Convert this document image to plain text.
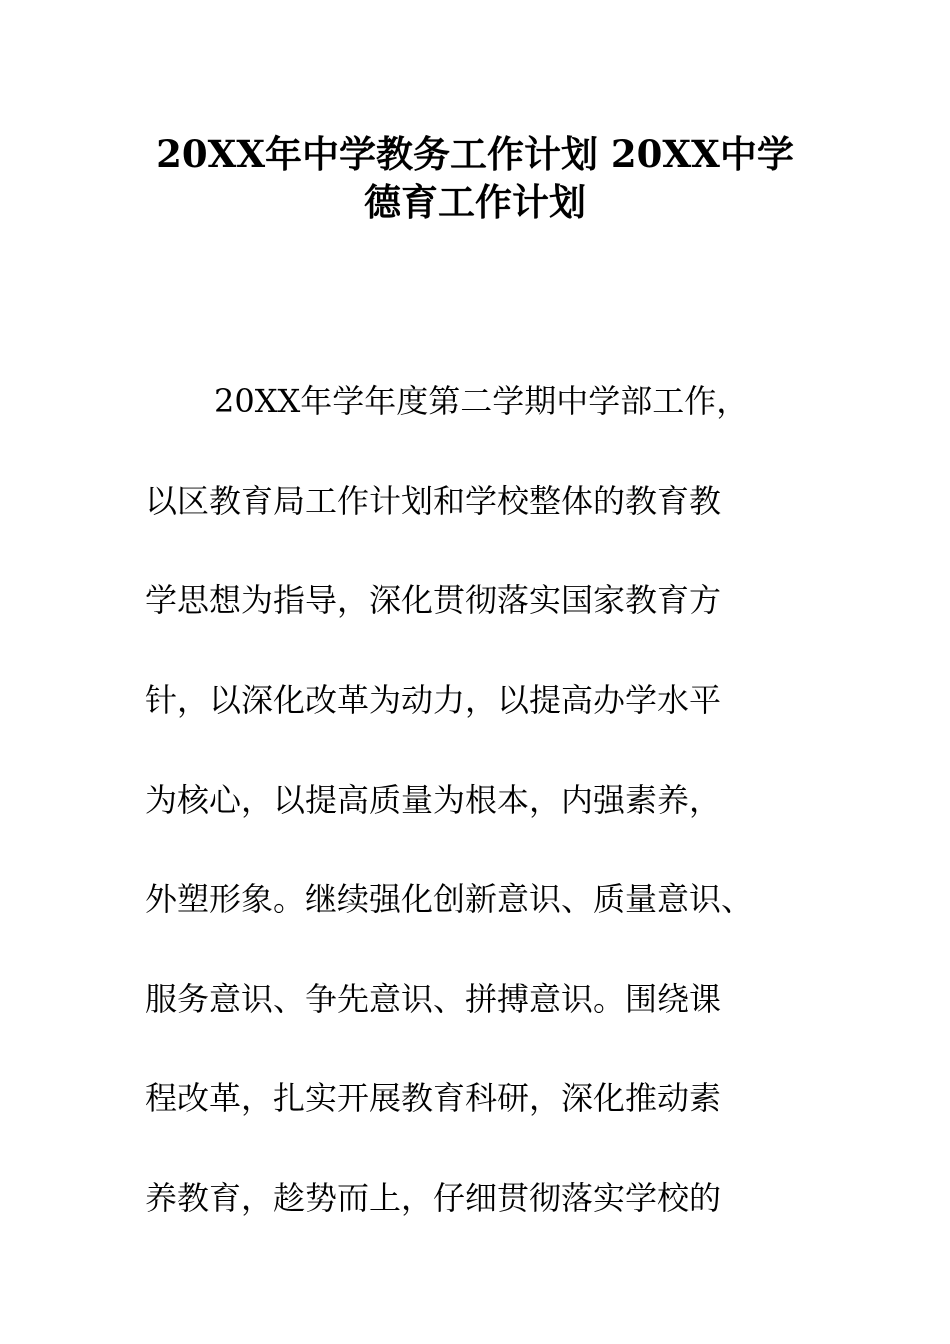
20XX年中学教务工作计划 20XX中学
德育工作计划
20XX年学年度第二学期中学部工作，
以区教育局工作计划和学校整体的教育教
学思想为指导，深化贯彻落实国家教育方
针，以深化改革为动力，以提高办学水平
为核心，以提高质量为根本，内强素养，
外塑形象。继续强化创新意识、质量意识、
服务意识、争先意识、拼搏意识。围绕课
程改革，扎实开展教育科研，深化推动素
养教育，趁势而上，仔细贯彻落实学校的
